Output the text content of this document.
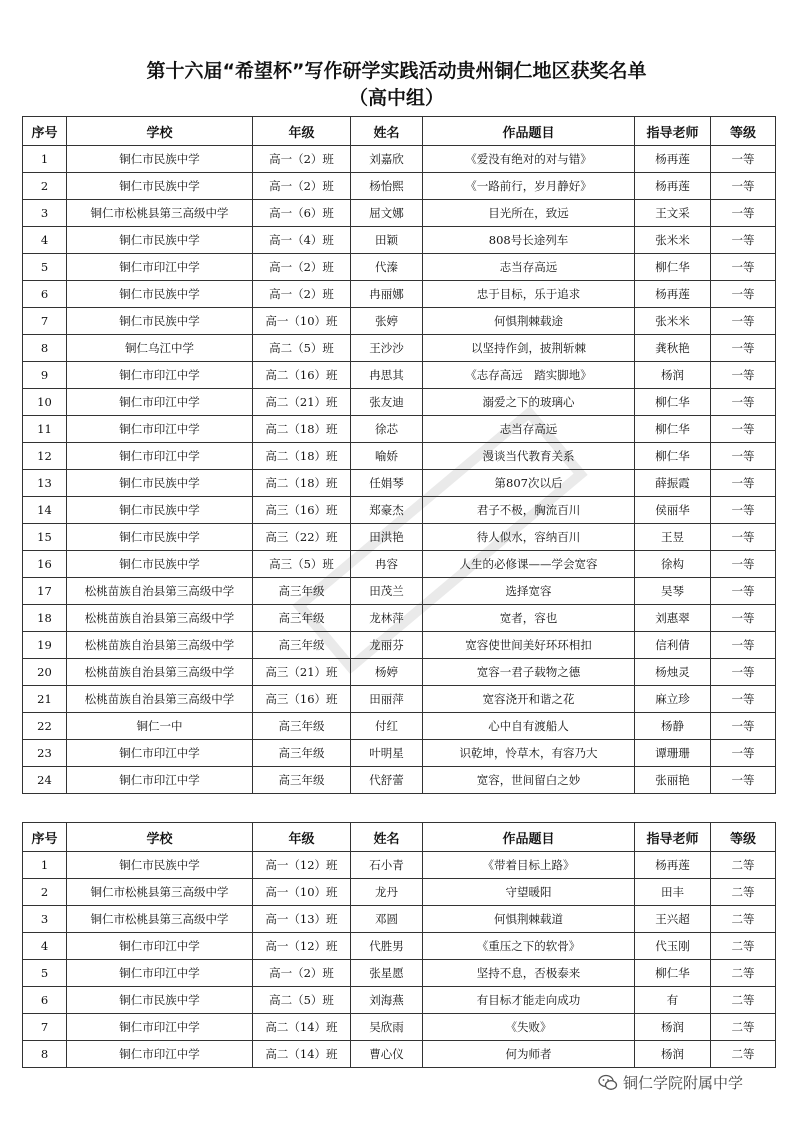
第十六届“希望杯”写作研学实践活动贵州铜仁地区获奖名单
（高中组）
序号	学校	年级	姓名	作品题目	指导老师	等级
1	铜仁市民族中学	高一（2）班	刘嘉欣	《爱没有绝对的对与错》	杨再莲	一等
2	铜仁市民族中学	高一（2）班	杨怡熙	《一路前行，岁月静好》	杨再莲	一等
3	铜仁市松桃县第三高级中学	高一（6）班	屈文娜	目光所在，致远	王文采	一等
4	铜仁市民族中学	高一（4）班	田颖	808号长途列车	张米米	一等
5	铜仁市印江中学	高一（2）班	代溱	志当存高远	柳仁华	一等
6	铜仁市民族中学	高一（2）班	冉丽娜	忠于目标，乐于追求	杨再莲	一等
7	铜仁市民族中学	高一（10）班	张婷	何惧荆棘载途	张米米	一等
8	铜仁乌江中学	高二（5）班	王沙沙	以坚持作剑，披荆斩棘	龚秋艳	一等
9	铜仁市印江中学	高二（16）班	冉思其	《志存高远　踏实脚地》	杨润	一等
10	铜仁市印江中学	高二（21）班	张友迪	溺爱之下的玻璃心	柳仁华	一等
11	铜仁市印江中学	高二（18）班	徐芯	志当存高远	柳仁华	一等
12	铜仁市印江中学	高二（18）班	喻娇	漫谈当代教育关系	柳仁华	一等
13	铜仁市民族中学	高二（18）班	任娟琴	第807次以后	薛振霞	一等
14	铜仁市民族中学	高三（16）班	郑豪杰	君子不极，胸流百川	侯丽华	一等
15	铜仁市民族中学	高三（22）班	田洪艳	待人似水，容纳百川	王昱	一等
16	铜仁市民族中学	高三（5）班	冉容	人生的必修课——学会宽容	徐构	一等
17	松桃苗族自治县第三高级中学	高三年级	田茂兰	选择宽容	吴琴	一等
18	松桃苗族自治县第三高级中学	高三年级	龙林萍	宽者，容也	刘惠翠	一等
19	松桃苗族自治县第三高级中学	高三年级	龙丽芬	宽容使世间美好环环相扣	信利倩	一等
20	松桃苗族自治县第三高级中学	高三（21）班	杨婷	宽容一君子载物之德	杨烛灵	一等
21	松桃苗族自治县第三高级中学	高三（16）班	田丽萍	宽容浇开和谐之花	麻立珍	一等
22	铜仁一中	高三年级	付红	心中自有渡船人	杨静	一等
23	铜仁市印江中学	高三年级	叶明星	识乾坤，怜草木，有容乃大	谭珊珊	一等
24	铜仁市印江中学	高三年级	代舒蕾	宽容，世间留白之妙	张丽艳	一等
序号	学校	年级	姓名	作品题目	指导老师	等级
1	铜仁市民族中学	高一（12）班	石小青	《带着目标上路》	杨再莲	二等
2	铜仁市松桃县第三高级中学	高一（10）班	龙丹	守望暖阳	田丰	二等
3	铜仁市松桃县第三高级中学	高一（13）班	邓圆	何惧荆棘载道	王兴超	二等
4	铜仁市印江中学	高一（12）班	代胜男	《重压之下的软骨》	代玉刚	二等
5	铜仁市印江中学	高一（2）班	张星愿	坚持不息，否极泰来	柳仁华	二等
6	铜仁市民族中学	高二（5）班	刘海燕	有目标才能走向成功	有	二等
7	铜仁市印江中学	高二（14）班	吴欣雨	《失败》	杨润	二等
8	铜仁市印江中学	高二（14）班	曹心仪	何为师者	杨润	二等
铜仁学院附属中学
